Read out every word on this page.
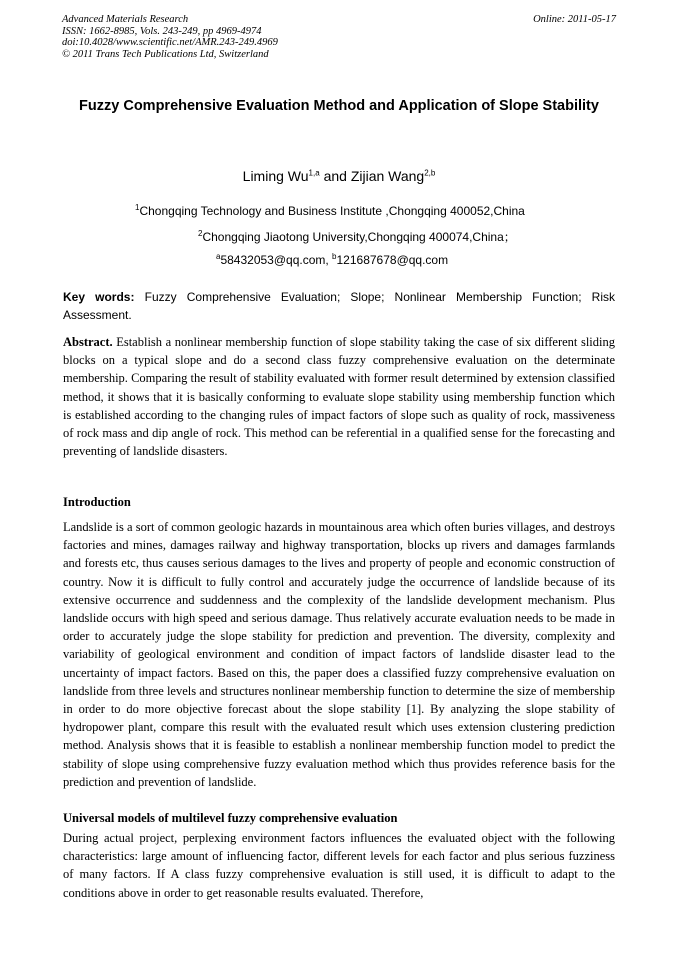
Advanced Materials Research
ISSN: 1662-8985, Vols. 243-249, pp 4969-4974
doi:10.4028/www.scientific.net/AMR.243-249.4969
© 2011 Trans Tech Publications Ltd, Switzerland
Online: 2011-05-17
Fuzzy Comprehensive Evaluation Method and Application of Slope Stability
Liming Wu$^{1,a}$ and Zijian Wang$^{2,b}$
$^1$Chongqing Technology and Business Institute ,Chongqing 400052,China
$^2$Chongqing Jiaotong University,Chongqing 400074,China；
$^a$58432053@qq.com, $^b$121687678@qq.com
Key words: Fuzzy Comprehensive Evaluation; Slope; Nonlinear Membership Function; Risk Assessment.
Abstract. Establish a nonlinear membership function of slope stability taking the case of six different sliding blocks on a typical slope and do a second class fuzzy comprehensive evaluation on the determinate membership. Comparing the result of stability evaluated with former result determined by extension classified method, it shows that it is basically conforming to evaluate slope stability using membership function which is established according to the changing rules of impact factors of slope such as quality of rock, massiveness of rock mass and dip angle of rock. This method can be referential in a qualified sense for the forecasting and preventing of landslide disasters.
Introduction
Landslide is a sort of common geologic hazards in mountainous area which often buries villages, and destroys factories and mines, damages railway and highway transportation, blocks up rivers and damages farmlands and forests etc, thus causes serious damages to the lives and property of people and economic construction of country. Now it is difficult to fully control and accurately judge the occurrence of landslide because of its extensive occurrence and suddenness and the complexity of the landslide development mechanism. Plus landslide occurs with high speed and serious damage. Thus relatively accurate evaluation needs to be made in order to accurately judge the slope stability for prediction and prevention. The diversity, complexity and variability of geological environment and condition of impact factors of landslide disaster lead to the uncertainty of impact factors. Based on this, the paper does a classified fuzzy comprehensive evaluation on landslide from three levels and structures nonlinear membership function to determine the size of membership in order to do more objective forecast about the slope stability [1]. By analyzing the slope stability of hydropower plant, compare this result with the evaluated result which uses extension clustering prediction method. Analysis shows that it is feasible to establish a nonlinear membership function model to predict the stability of slope using comprehensive fuzzy evaluation method which thus provides reference basis for the prediction and prevention of landslide.
Universal models of multilevel fuzzy comprehensive evaluation
During actual project, perplexing environment factors influences the evaluated object with the following characteristics: large amount of influencing factor, different levels for each factor and plus serious fuzziness of many factors. If A class fuzzy comprehensive evaluation is still used, it is difficult to adapt to the conditions above in order to get reasonable results evaluated. Therefore,
